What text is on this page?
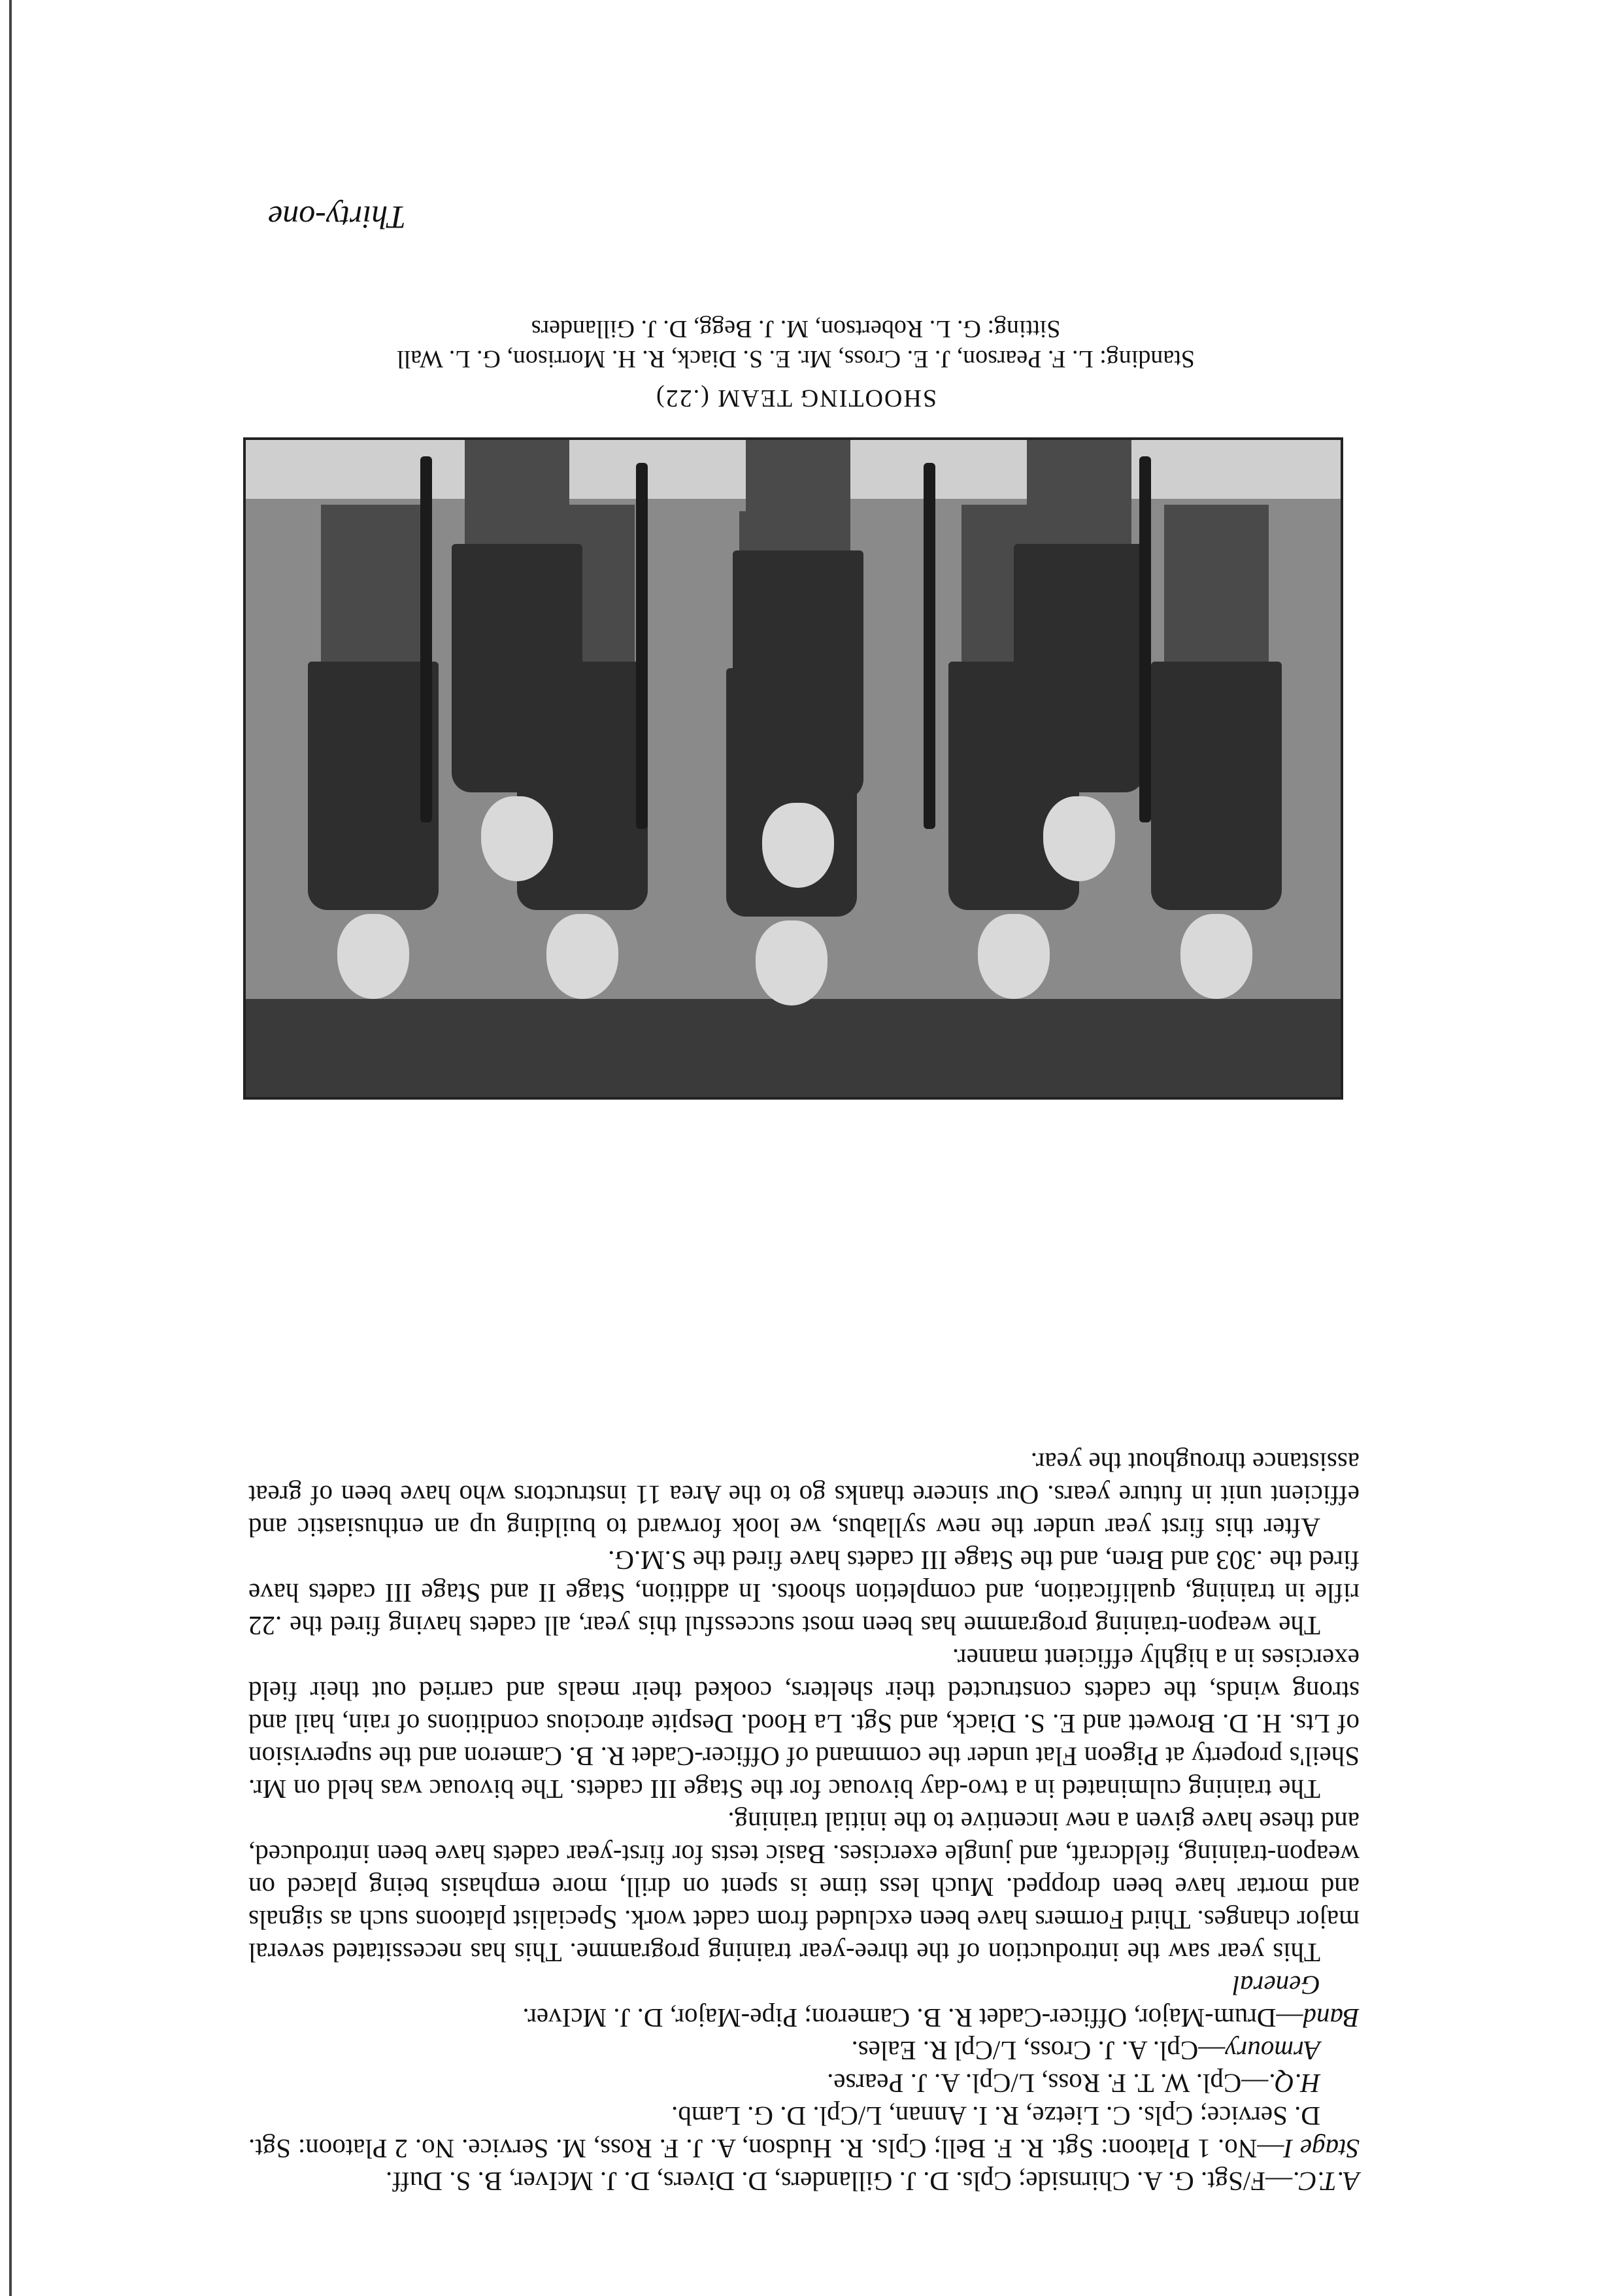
A.T.C.—F/Sgt. G. A. Chirnside; Cpls. D. J. Gillanders, D. Divers, D. J. McIver, B. S. Duff.

Stage I—No. 1 Platoon: Sgt. R. F. Bell; Cpls. R. Hudson, A. J. F. Ross, M. Service. No. 2 Platoon: Sgt. D. Service; Cpls. C. Lietze, R. I. Annan, L/Cpl. D. G. Lamb.

H.Q.—Cpl. W. T. F. Ross, L/Cpl. A. J. Pearse.

Armoury—Cpl. A. J. Cross, L/Cpl R. Eales.

Band—Drum-Major, Officer-Cadet R. B. Cameron; Pipe-Major, D. J. McIver.

General

This year saw the introduction of the three-year training programme. This has necessitated several major changes. Third Formers have been excluded from cadet work. Specialist platoons such as signals and mortar have been dropped. Much less time is spent on drill, more emphasis being placed on weapon-training, fieldcraft, and jungle exercises. Basic tests for first-year cadets have been introduced, and these have given a new incentive to the initial training.

The training culminated in a two-day bivouac for the Stage III cadets. The bivouac was held on Mr. Sheil's property at Pigeon Flat under the command of Officer-Cadet R. B. Cameron and the supervision of Lts. H. D. Browett and E. S. Diack, and Sgt. La Hood. Despite atrocious conditions of rain, hail and strong winds, the cadets constructed their shelters, cooked their meals and carried out their field exercises in a highly efficient manner.

The weapon-training programme has been most successful this year, all cadets having fired the .22 rifle in training, qualification, and completion shoots. In addition, Stage II and Stage III cadets have fired the .303 and Bren, and the Stage III cadets have fired the S.M.G.

After this first year under the new syllabus, we look forward to building up an enthusiastic and efficient unit in future years. Our sincere thanks go to the Area 11 instructors who have been of great assistance throughout the year.

SHOOTING TEAM (.22)
Standing: L. F. Pearson, J. E. Cross, Mr. E. S. Diack, R. H. Morrison, G. L. Wall
Sitting: G. L. Robertson, M. J. Begg, D. J. Gillanders
Thirty-one
